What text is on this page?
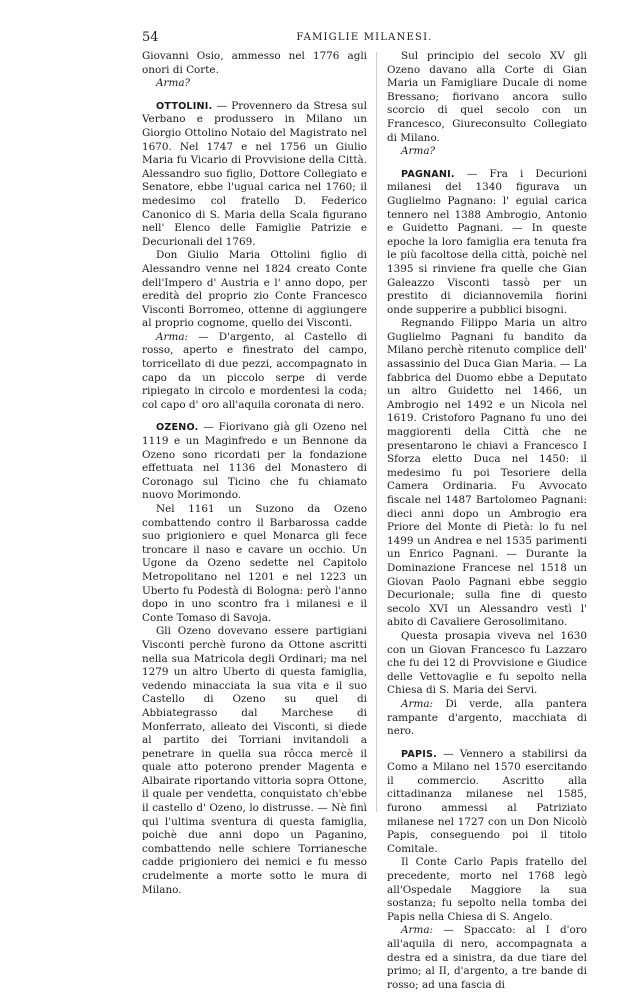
54	FAMIGLIE MILANESI.

Giovanni Osio, ammesso nel 1776 agli onori di Corte.

Arma?

OTTOLINI. — Provennero da Stresa sul Verbano e produssero in Milano un Giorgio Ottolino Notaio del Magistrato nel 1670. Nel 1747 e nel 1756 un Giulio Maria fu Vicario di Provvisione della Città. Alessandro suo figlio, Dottore Collegiato e Senatore, ebbe l'ugual carica nel 1760; il medesimo col fratello D. Federico Canonico di S. Maria della Scala figurano nell' Elenco delle Famiglie Patrizie e Decurionali del 1769.

Don Giulio Maria Ottolini figlio di Alessandro venne nel 1824 creato Conte dell'Impero d' Austria e l' anno dopo, per eredità del proprio zio Conte Francesco Visconti Borromeo, ottenne di aggiungere al proprio cognome, quello dei Visconti.

Arma: — D'argento, al Castello di rosso, aperto e finestrato del campo, torricellato di due pezzi, accompagnato in capo da un piccolo serpe di verde ripiegato in circolo e mordentesi la coda; col capo d' oro all'aquila coronata di nero.

OZENO. — Fiorivano già gli Ozeno nel 1119 e un Maginfredo e un Bennone da Ozeno sono ricordati per la fondazione effettuata nel 1136 del Monastero di Coronago sul Ticino che fu chiamato nuovo Morimondo.

Nel 1161 un Suzono da Ozeno combattendo contro il Barbarossa cadde suo prigioniero e quel Monarca gli fece troncare il naso e cavare un occhio. Un Ugone da Ozeno sedette nel Capitolo Metropolitano nel 1201 e nel 1223 un Uberto fu Podestà di Bologna: però l'anno dopo in uno scontro fra i milanesi e il Conte Tomaso di Savoja.

Gli Ozeno dovevano essere partigiani Visconti perchè furono da Ottone ascritti nella sua Matricola degli Ordinari; ma nel 1279 un altro Uberto di questa famiglia, vedendo minacciata la sua vita e il suo Castello di Ozeno su quel di Abbiategrasso dal Marchese di Monferrato, alleato dei Visconti, si diede al partito dei Torriani invitandoli a penetrare in quella sua rôcca mercè il quale atto poterono prender Magenta e Albairate riportando vittoria sopra Ottone, il quale per vendetta, conquistato ch'ebbe il castello d' Ozeno, lo distrusse. — Nè finì qui l'ultima sventura di questa famiglia, poichè due anni dopo un Paganino, combattendo nelle schiere Torrianesche cadde prigioniero dei nemici e fu messo crudelmente a morte sotto le mura di Milano.

Sul principio del secolo XV gli Ozeno davano alla Corte di Gian Maria un Famigliare Ducale di nome Bressano; fiorivano ancora sullo scorcio di quel secolo con un Francesco, Giureconsulto Collegiato di Milano.

Arma?

PAGNANI. — Fra i Decurioni milanesi del 1340 figurava un Guglielmo Pagnano: l' eguial carica tennero nel 1388 Ambrogio, Antonio e Guidetto Pagnani. — In queste epoche la loro famiglia era tenuta fra le più facoltose della città, poichè nel 1395 si rinviene fra quelle che Gian Galeazzo Visconti tassò per un prestito di diciannovemila fiorini onde supperire a pubblici bisogni.

Regnando Filippo Maria un altro Guglielmo Pagnani fu bandito da Milano perchè ritenuto complice dell' assassinio del Duca Gian Maria. — La fabbrica del Duomo ebbe a Deputato un altro Guidetto nel 1466, un Ambrogio nel 1492 e un Nicola nel 1619. Cristoforo Pagnano fu uno dei maggiorenti della Città che ne presentarono le chiavi a Francesco I Sforza eletto Duca nel 1450: il medesimo fu poi Tesoriere della Camera Ordinaria. Fu Avvocato fiscale nel 1487 Bartolomeo Pagnani: dieci anni dopo un Ambrogio era Priore del Monte di Pietà: lo fu nel 1499 un Andrea e nel 1535 parimenti un Enrico Pagnani. — Durante la Dominazione Francese nel 1518 un Giovan Paolo Pagnani ebbe seggio Decurionale; sulla fine di questo secolo XVI un Alessandro vestì l' abito di Cavaliere Gerosolimitano.

Questa prosapia viveva nel 1630 con un Giovan Francesco fu Lazzaro che fu dei 12 di Provvisione e Giudice delle Vettovaglie e fu sepolto nella Chiesa di S. Maria dei Servi.

Arma: Di verde, alla pantera rampante d'argento, macchiata di nero.

PAPIS. — Vennero a stabilirsi da Como a Milano nel 1570 esercitando il commercio. Ascritto alla cittadinanza milanese nel 1585, furono ammessi al Patriziato milanese nel 1727 con un Don Nicolò Papis, conseguendo poi il titolo Comitale.

Il Conte Carlo Papis fratello del precedente, morto nel 1768 legò all'Ospedale Maggiore la sua sostanza; fu sepolto nella tomba dei Papis nella Chiesa di S. Angelo.

Arma: — Spaccato: al I d'oro all'aquila di nero, accompagnata a destra ed a sinistra, da due tiare del primo; al II, d'argento, a tre bande di rosso; ad una fascia di
